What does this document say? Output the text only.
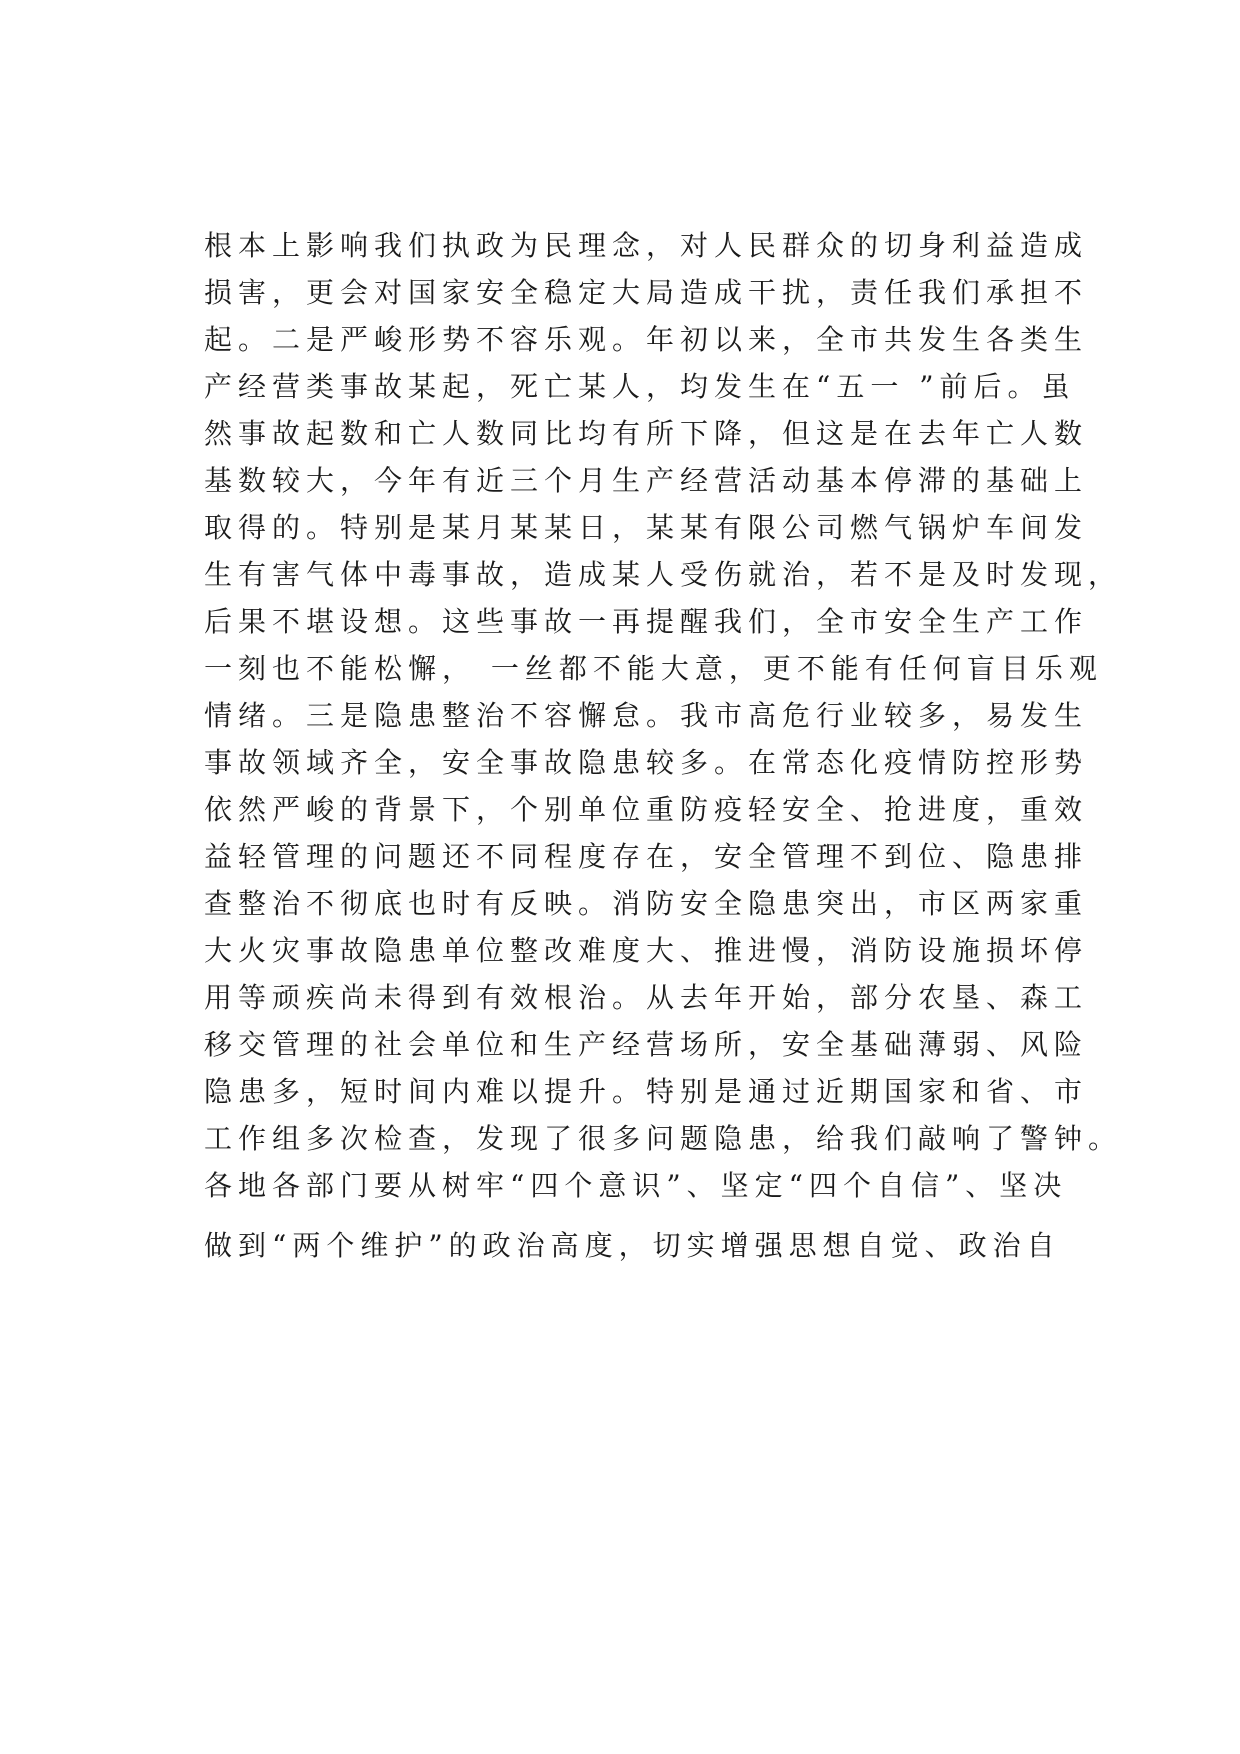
根本上影响我们执政为民理念，对人民群众的切身利益造成
损害，更会对国家安全稳定大局造成干扰，责任我们承担不
起。二是严峻形势不容乐观。年初以来，全市共发生各类生
产经营类事故某起，死亡某人，均发生在“五一 ”前后。虽
然事故起数和亡人数同比均有所下降，但这是在去年亡人数
基数较大，今年有近三个月生产经营活动基本停滞的基础上
取得的。特别是某月某某日，某某有限公司燃气锅炉车间发
生有害气体中毒事故，造成某人受伤就治，若不是及时发现，
后果不堪设想。这些事故一再提醒我们，全市安全生产工作
一刻也不能松懈， 一丝都不能大意，更不能有任何盲目乐观
情绪。三是隐患整治不容懈怠。我市高危行业较多，易发生
事故领域齐全，安全事故隐患较多。在常态化疫情防控形势
依然严峻的背景下，个别单位重防疫轻安全、抢进度，重效
益轻管理的问题还不同程度存在，安全管理不到位、隐患排
查整治不彻底也时有反映。消防安全隐患突出，市区两家重
大火灾事故隐患单位整改难度大、推进慢，消防设施损坏停
用等顽疾尚未得到有效根治。从去年开始，部分农垦、森工
移交管理的社会单位和生产经营场所，安全基础薄弱、风险
隐患多，短时间内难以提升。特别是通过近期国家和省、市
工作组多次检查，发现了很多问题隐患，给我们敲响了警钟。
各地各部门要从树牢“四个意识”、坚定“四个自信”、坚决
做到“两个维护”的政治高度，切实增强思想自觉、政治自
